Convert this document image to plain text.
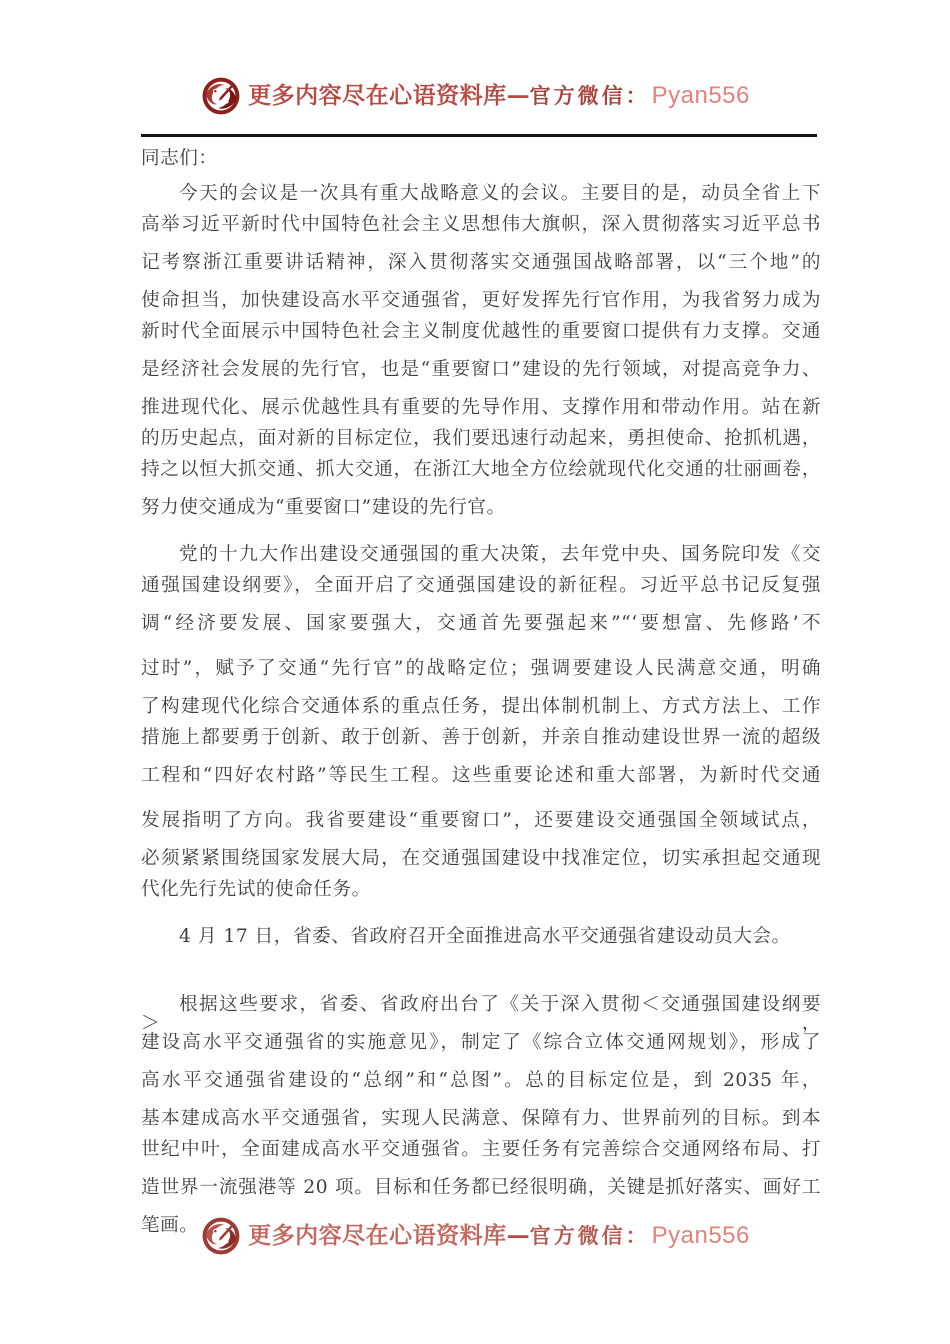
更多内容尽在心语资料库—官方微信：Pyan556
同志们：
今天的会议是一次具有重大战略意义的会议。主要目的是，动员全省上下
高举习近平新时代中国特色社会主义思想伟大旗帜，深入贯彻落实习近平总书
记考察浙江重要讲话精神，深入贯彻落实交通强国战略部署，以“三个地”的
使命担当，加快建设高水平交通强省，更好发挥先行官作用，为我省努力成为
新时代全面展示中国特色社会主义制度优越性的重要窗口提供有力支撑。交通
是经济社会发展的先行官，也是“重要窗口”建设的先行领域，对提高竞争力、
推进现代化、展示优越性具有重要的先导作用、支撑作用和带动作用。站在新
的历史起点，面对新的目标定位，我们要迅速行动起来，勇担使命、抢抓机遇，
持之以恒大抓交通、抓大交通，在浙江大地全方位绘就现代化交通的壮丽画卷，
努力使交通成为“重要窗口”建设的先行官。
党的十九大作出建设交通强国的重大决策，去年党中央、国务院印发《交
通强国建设纲要》，全面开启了交通强国建设的新征程。习近平总书记反复强
调“经济要发展、国家要强大，交通首先要强起来”“‘要想富、先修路’不
过时”，赋予了交通“先行官”的战略定位；强调要建设人民满意交通，明确
了构建现代化综合交通体系的重点任务，提出体制机制上、方式方法上、工作
措施上都要勇于创新、敢于创新、善于创新，并亲自推动建设世界一流的超级
工程和“四好农村路”等民生工程。这些重要论述和重大部署，为新时代交通
发展指明了方向。我省要建设“重要窗口”，还要建设交通强国全领域试点，
必须紧紧围绕国家发展大局，在交通强国建设中找准定位，切实承担起交通现
代化先行先试的使命任务。
4 月 17 日，省委、省政府召开全面推进高水平交通强省建设动员大会。
根据这些要求，省委、省政府出台了《关于深入贯彻＜交通强国建设纲要＞，
建设高水平交通强省的实施意见》，制定了《综合立体交通网规划》，形成了
高水平交通强省建设的“总纲”和“总图”。总的目标定位是，到 2035 年，
基本建成高水平交通强省，实现人民满意、保障有力、世界前列的目标。到本
世纪中叶，全面建成高水平交通强省。主要任务有完善综合交通网络布局、打
造世界一流强港等 20 项。目标和任务都已经很明确，关键是抓好落实、画好工
笔画。	更多内容尽在心语资料库—官方微信：Pyan556
